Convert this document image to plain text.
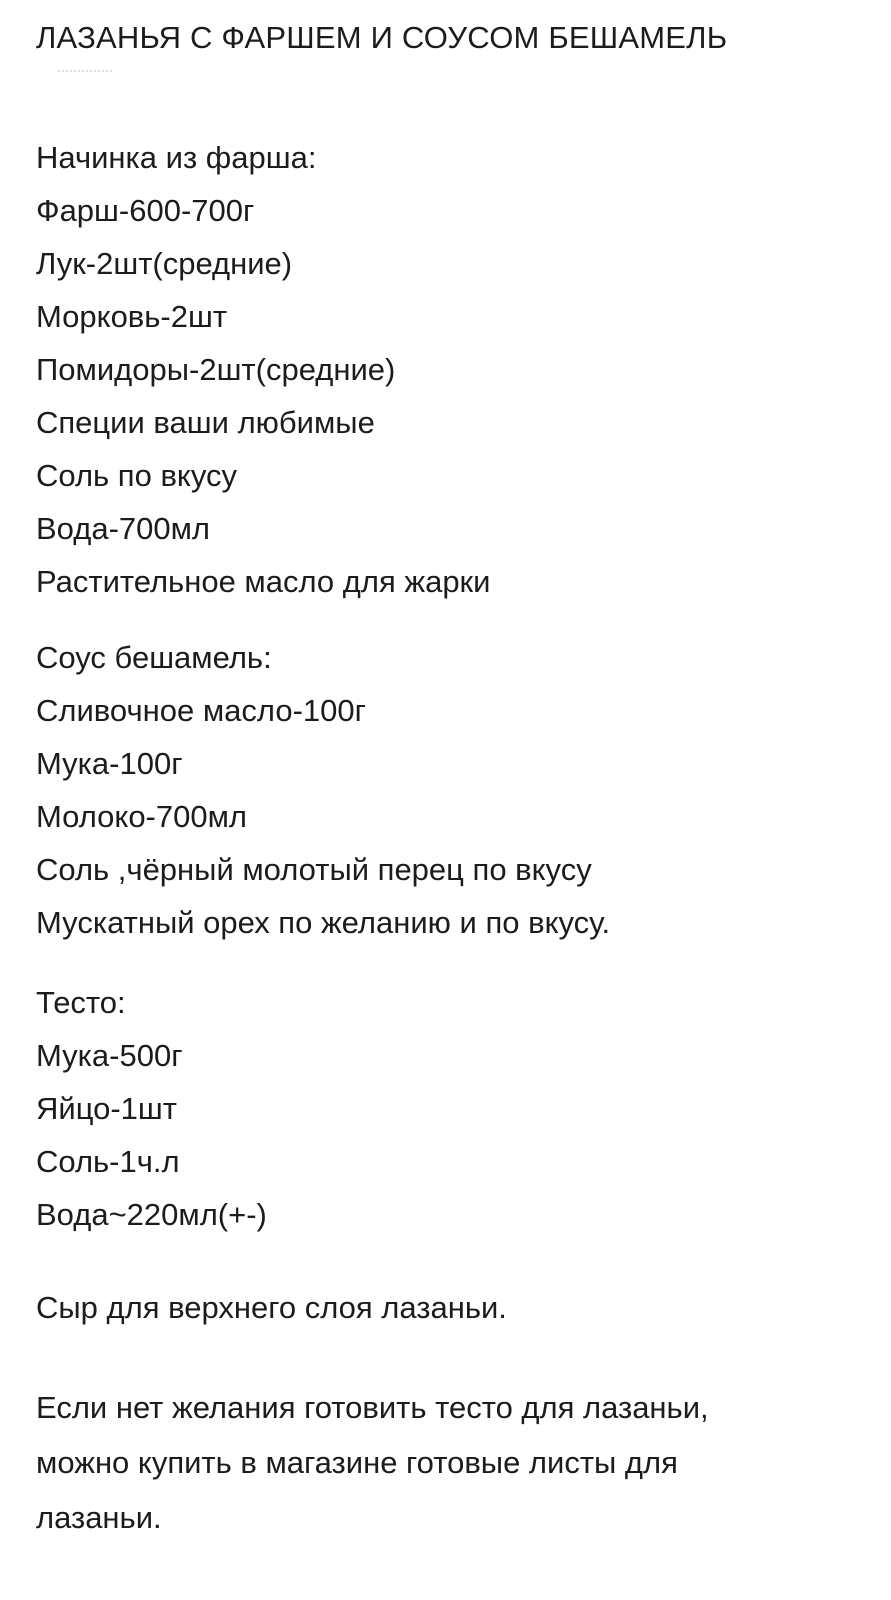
ЛАЗАНЬЯ С ФАРШЕМ И СОУСОМ БЕШАМЕЛЬ
Начинка из фарша:
Фарш-600-700г
Лук-2шт(средние)
Морковь-2шт
Помидоры-2шт(средние)
Специи ваши любимые
Соль по вкусу
Вода-700мл
Растительное масло для жарки
Соус бешамель:
Сливочное масло-100г
Мука-100г
Молоко-700мл
Соль ,чёрный молотый перец по вкусу
Мускатный орех по желанию и по вкусу.
Тесто:
Мука-500г
Яйцо-1шт
Соль-1ч.л
Вода~220мл(+-)
Сыр для верхнего слоя лазаньи.
Если нет желания готовить тесто для лазаньи,
можно купить в магазине готовые листы для
лазаньи.
